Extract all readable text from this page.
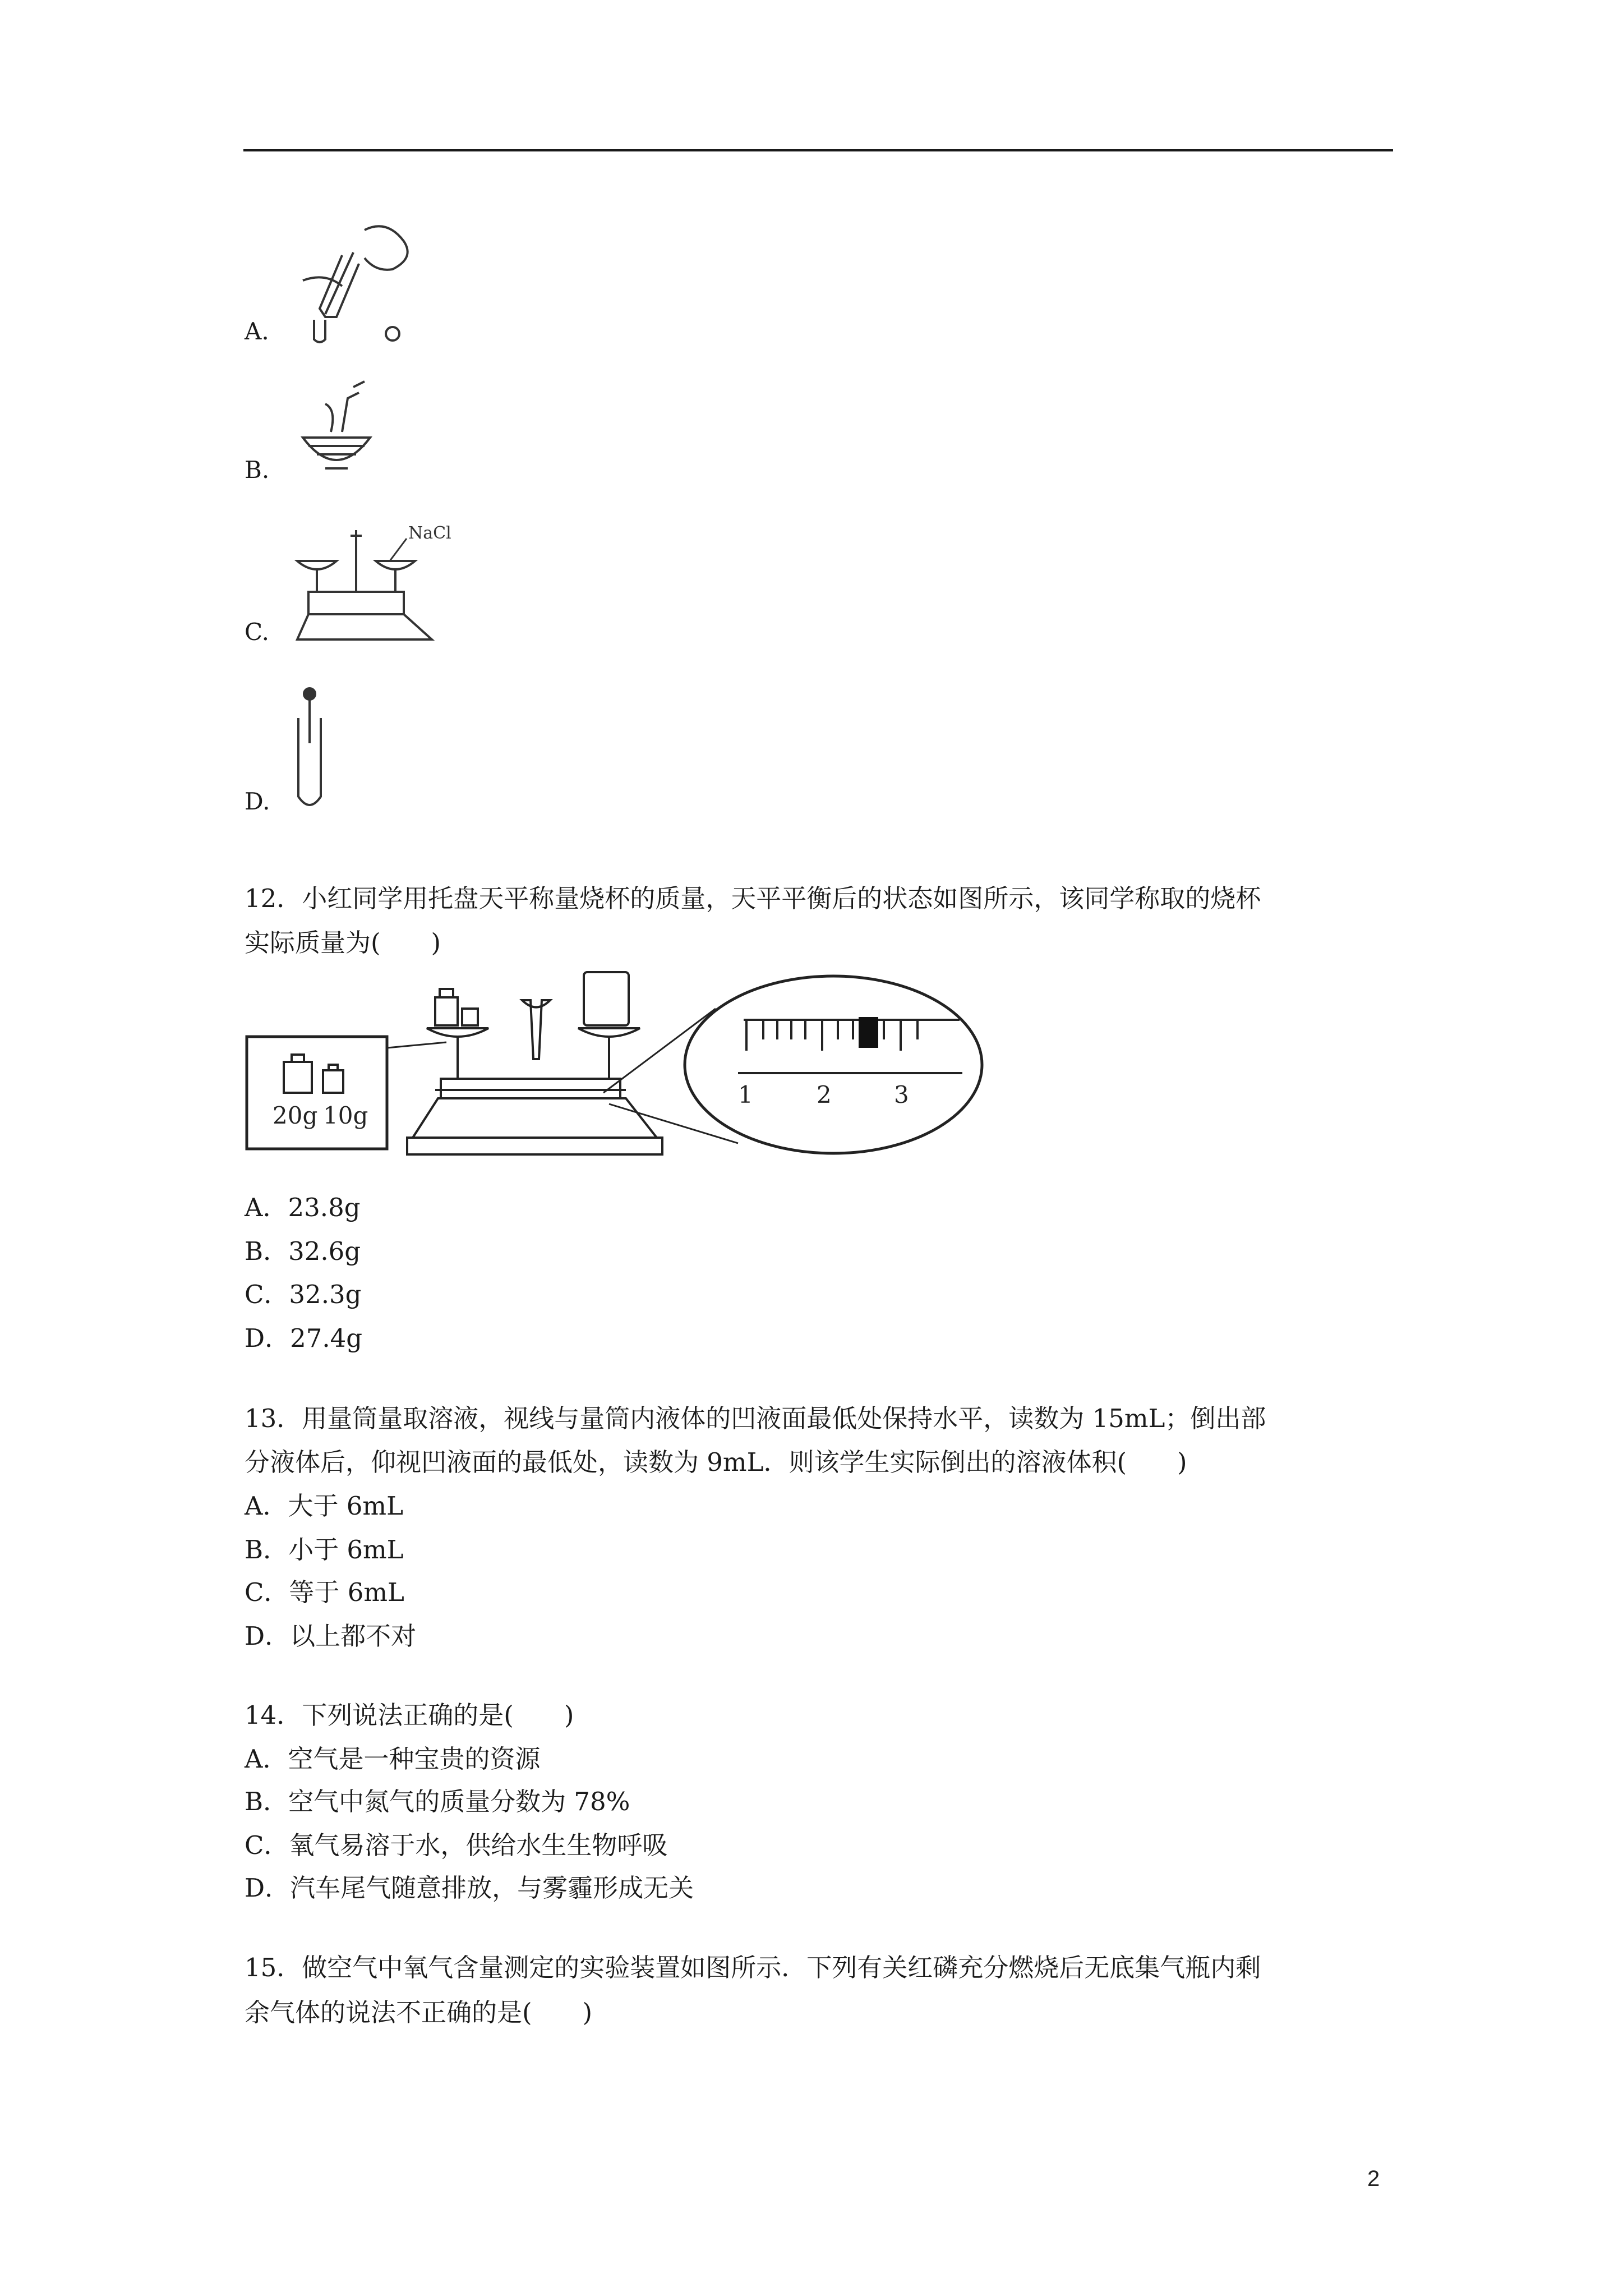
A.
B.
C.
NaCl
D.
12．小红同学用托盘天平称量烧杯的质量，天平平衡后的状态如图所示，该同学称取的烧杯
实际质量为(　　)
20g 10g
1	2	3
A．23.8g
B．32.6g
C．32.3g
D．27.4g
13．用量筒量取溶液，视线与量筒内液体的凹液面最低处保持水平，读数为 15mL；倒出部
分液体后，仰视凹液面的最低处，读数为 9mL．则该学生实际倒出的溶液体积(　　)
A．大于 6mL
B．小于 6mL
C．等于 6mL
D．以上都不对
14．下列说法正确的是(　　)
A．空气是一种宝贵的资源
B．空气中氮气的质量分数为 78%
C．氧气易溶于水，供给水生生物呼吸
D．汽车尾气随意排放，与雾霾形成无关
15．做空气中氧气含量测定的实验装置如图所示．下列有关红磷充分燃烧后无底集气瓶内剩
余气体的说法不正确的是(　　)
2
